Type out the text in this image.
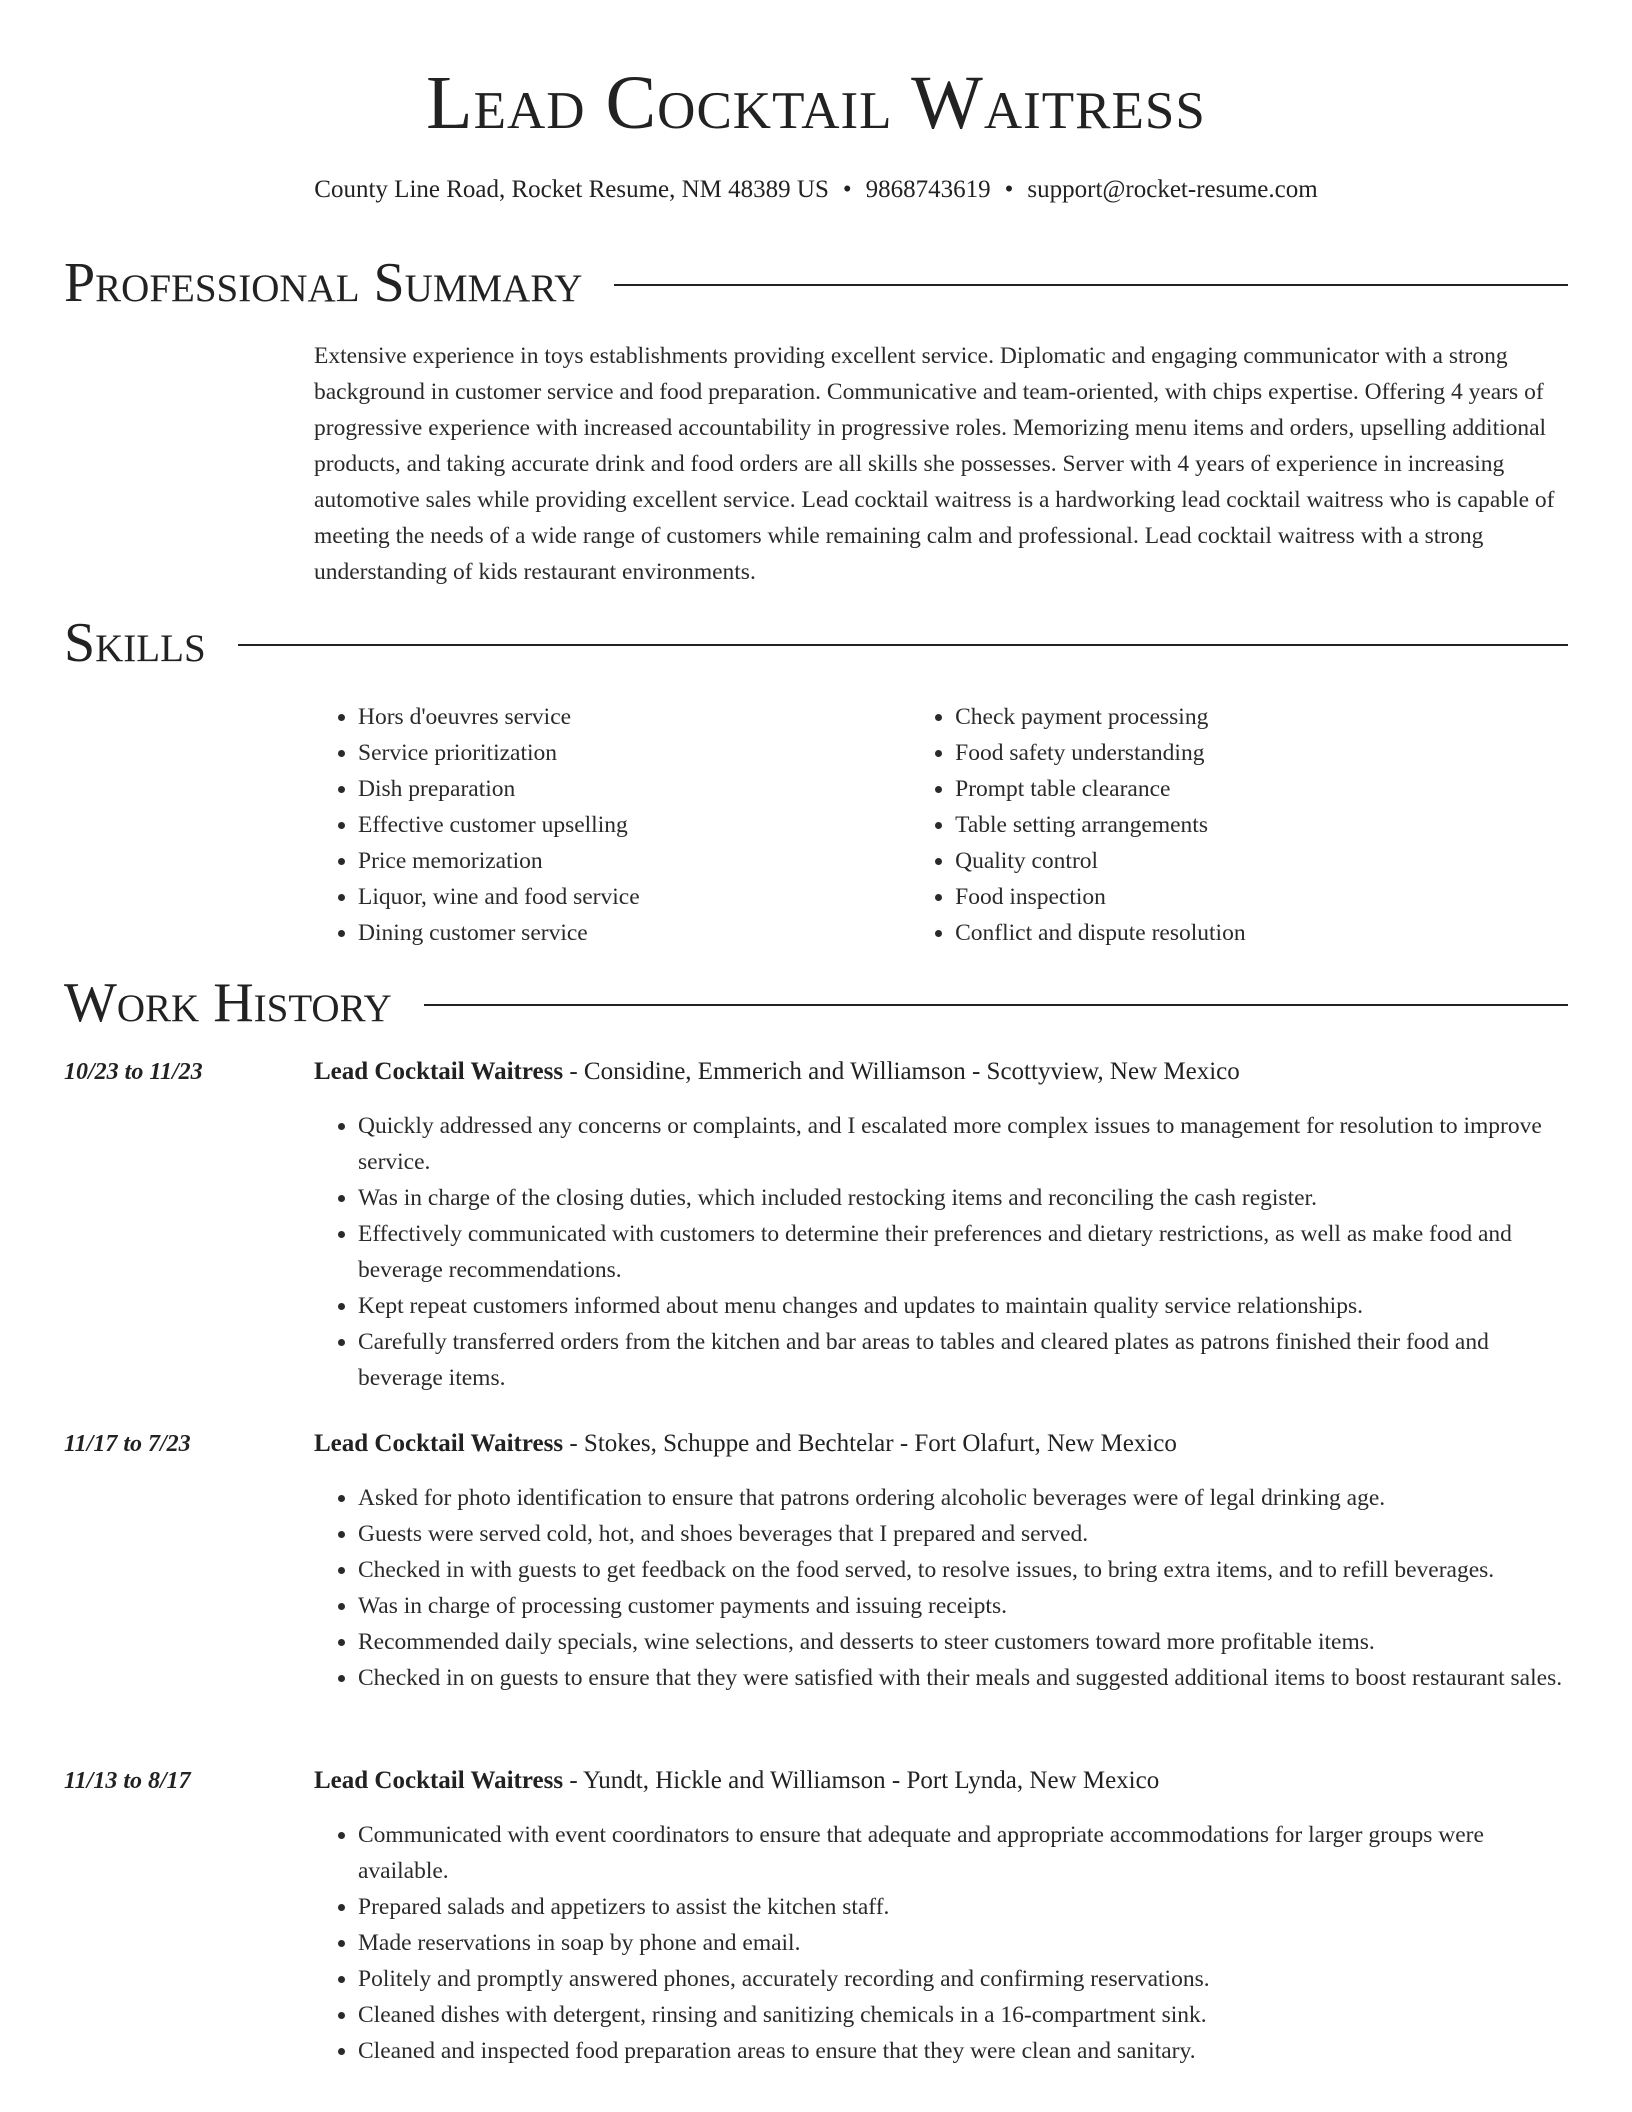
Lead Cocktail Waitress
County Line Road, Rocket Resume, NM 48389 US • 9868743619 • support@rocket-resume.com
Professional Summary

Extensive experience in toys establishments providing excellent service. Diplomatic and engaging communicator with a strong background in customer service and food preparation. Communicative and team-oriented, with chips expertise. Offering 4 years of progressive experience with increased accountability in progressive roles. Memorizing menu items and orders, upselling additional products, and taking accurate drink and food orders are all skills she possesses. Server with 4 years of experience in increasing automotive sales while providing excellent service. Lead cocktail waitress is a hardworking lead cocktail waitress who is capable of meeting the needs of a wide range of customers while remaining calm and professional. Lead cocktail waitress with a strong understanding of kids restaurant environments.

Skills
• Hors d'oeuvres service
• Service prioritization
• Dish preparation
• Effective customer upselling
• Price memorization
• Liquor, wine and food service
• Dining customer service
• Check payment processing
• Food safety understanding
• Prompt table clearance
• Table setting arrangements
• Quality control
• Food inspection
• Conflict and dispute resolution
Work History
10/23 to 11/23	Lead Cocktail Waitress - Considine, Emmerich and Williamson - Scottyview, New Mexico
• Quickly addressed any concerns or complaints, and I escalated more complex issues to management for resolution to improve service.
• Was in charge of the closing duties, which included restocking items and reconciling the cash register.
• Effectively communicated with customers to determine their preferences and dietary restrictions, as well as make food and beverage recommendations.
• Kept repeat customers informed about menu changes and updates to maintain quality service relationships.
• Carefully transferred orders from the kitchen and bar areas to tables and cleared plates as patrons finished their food and beverage items.
11/17 to 7/23	Lead Cocktail Waitress - Stokes, Schuppe and Bechtelar - Fort Olafurt, New Mexico
• Asked for photo identification to ensure that patrons ordering alcoholic beverages were of legal drinking age.
• Guests were served cold, hot, and shoes beverages that I prepared and served.
• Checked in with guests to get feedback on the food served, to resolve issues, to bring extra items, and to refill beverages.
• Was in charge of processing customer payments and issuing receipts.
• Recommended daily specials, wine selections, and desserts to steer customers toward more profitable items.
• Checked in on guests to ensure that they were satisfied with their meals and suggested additional items to boost restaurant sales.
11/13 to 8/17	Lead Cocktail Waitress - Yundt, Hickle and Williamson - Port Lynda, New Mexico
• Communicated with event coordinators to ensure that adequate and appropriate accommodations for larger groups were available.
• Prepared salads and appetizers to assist the kitchen staff.
• Made reservations in soap by phone and email.
• Politely and promptly answered phones, accurately recording and confirming reservations.
• Cleaned dishes with detergent, rinsing and sanitizing chemicals in a 16-compartment sink.
• Cleaned and inspected food preparation areas to ensure that they were clean and sanitary.
